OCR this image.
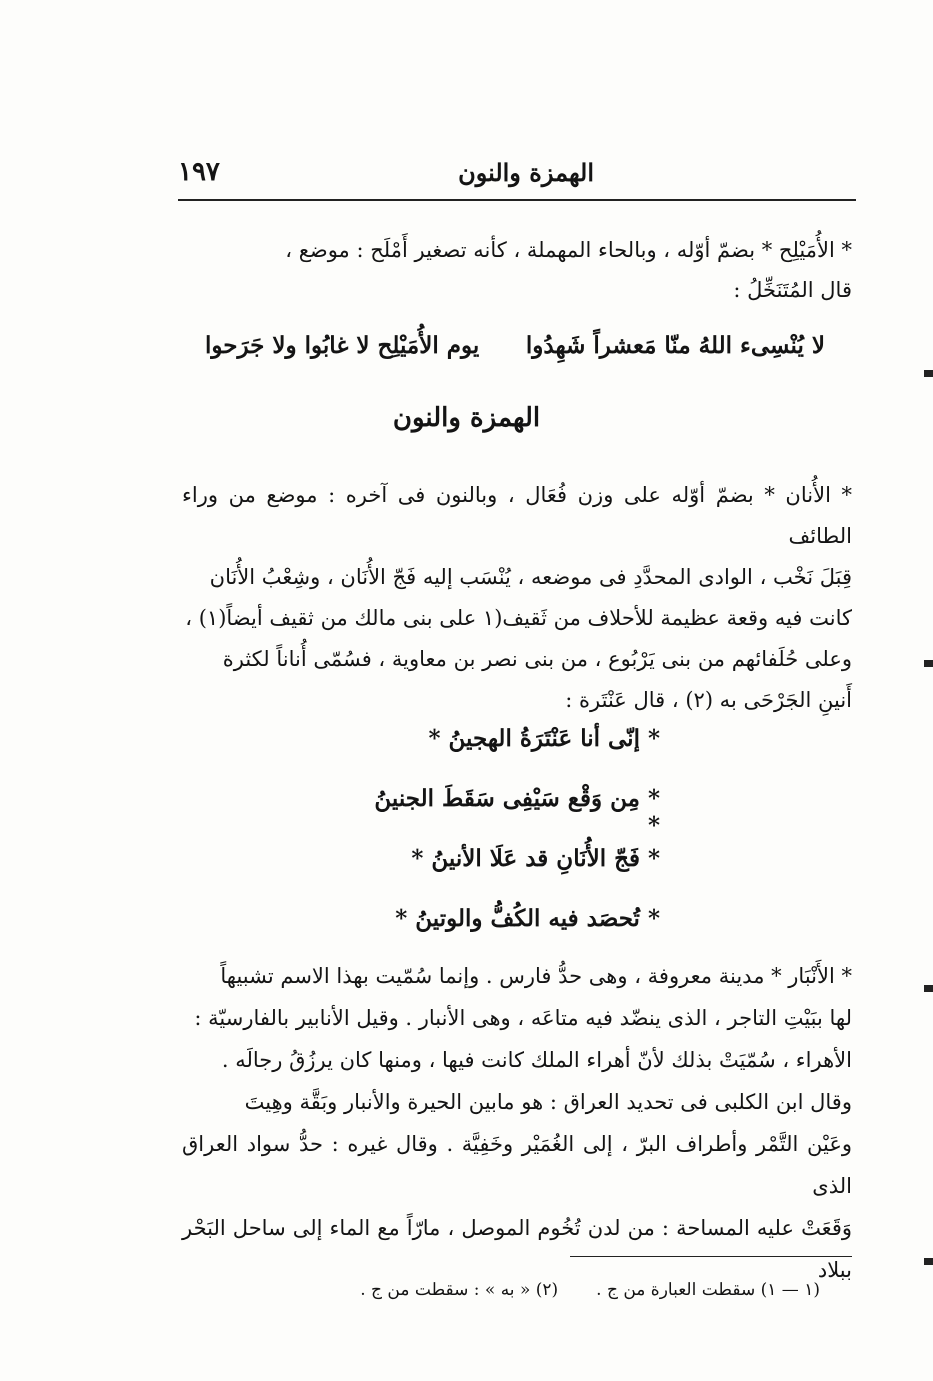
الهمزة والنون
١٩٧
* الأُمَيْلِح * بضمّ أوّله ، وبالحاء المهملة ، كأنه تصغير أَمْلَح : موضع ،
قال المُتَنَخِّلُ :
لا يُنْسِىء اللهُ منّا مَعشراً شَهِدُوا
يوم الأُمَيْلِح لا غابُوا ولا جَرَحوا
الهمزة والنون
* الأُنان * بضمّ أوّله على وزن فُعَال ، وبالنون فى آخره : موضع من وراء الطائف
قِبَلَ نَخْب ، الوادى المحدَّدِ فى موضعه ، يُنْسَب إليه فَجّ الأُنَان ، وشِعْبُ الأُنَان
كانت فيه وقعة عظيمة للأحلاف من ثَقيف(١ على بنى مالك من ثقيف أيضاً(١) ،
وعلى حُلَفائهم من بنى يَرْبُوع ، من بنى نصر بن معاوية ، فسُمّى أُناناً لكثرة
أَنينِ الجَرْحَى به (٢) ، قال عَنْتَرة :
* إنّى أنا عَنْتَرَةُ الهجينُ *
* مِن وَقْع سَيْفِى سَقَطَ الجنينُ *
* فَجّ الأُنَانِ قد عَلَا الأنينُ *
* تُحصَد فيه الكُفُّ والوتينُ *
* الأَنْبَار * مدينة معروفة ، وهى حدُّ فارس . وإنما سُمّيت بهذا الاسم تشبيهاً
لها ببَيْتِ التاجر ، الذى ينضّد فيه متاعَه ، وهى الأنبار . وقيل الأنابير بالفارسيّة :
الأهراء ، سُمّيَتْ بذلك لأنّ أهراء الملك كانت فيها ، ومنها كان يرزُقُ رجالَه .
وقال ابن الكلبى فى تحديد العراق : هو مابين الحيرة والأنبار وبَقَّة وهِيتَ
وعَيْن التَّمْر وأطراف البرّ ، إلى الغُمَيْر وخَفِيَّة . وقال غيره : حدُّ سواد العراق الذى
وَقَعَتْ عليه المساحة : من لدن تُخُوم الموصل ، مارّاً مع الماء إلى ساحل البَحْر ببلاد
(١ — ١) سقطت العبارة من ج .
(٢) « به » : سقطت من ج .
